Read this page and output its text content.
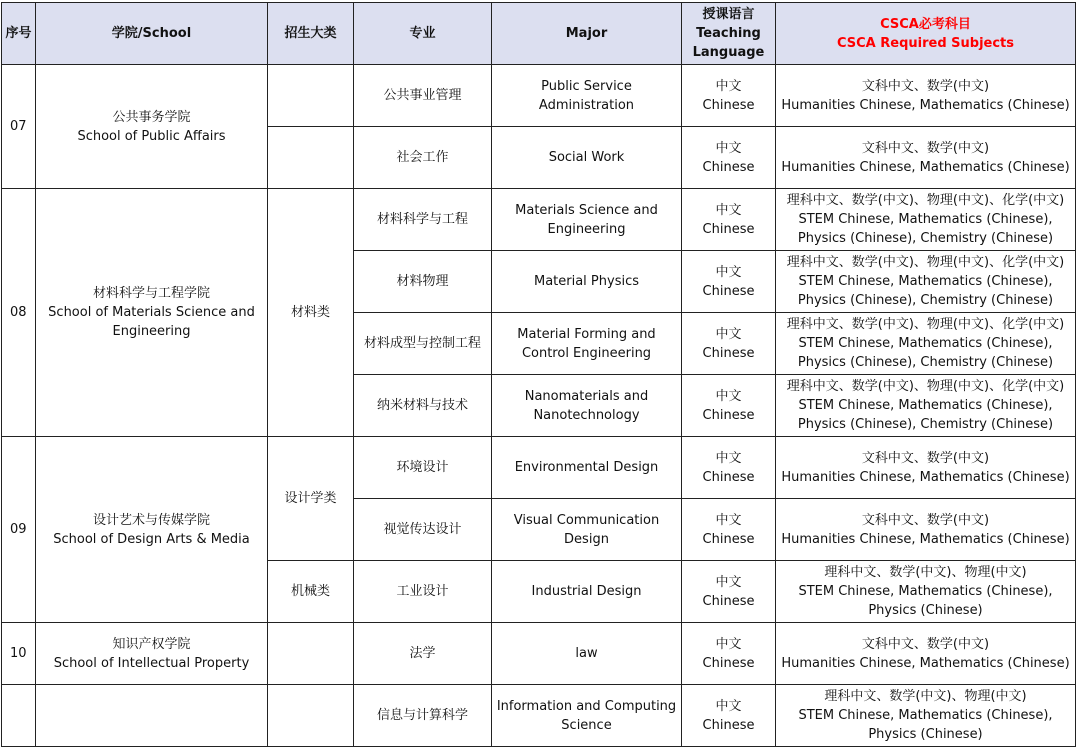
序号	学院/School	招生大类	专业	Major	授课语言
Teaching
Language	CSCA必考科目
CSCA Required Subjects

07	公共事务学院
School of Public Affairs		公共事业管理	Public Service Administration	中文
Chinese	文科中文、数学(中文)
Humanities Chinese, Mathematics (Chinese)

			社会工作	Social Work	中文
Chinese	文科中文、数学(中文)
Humanities Chinese, Mathematics (Chinese)

08	材料科学与工程学院
School of Materials Science and Engineering	材料类	材料科学与工程	Materials Science and Engineering	中文
Chinese	理科中文、数学(中文)、物理(中文)、化学(中文)
STEM Chinese, Mathematics (Chinese), Physics (Chinese), Chemistry (Chinese)

			材料物理	Material Physics	中文
Chinese	理科中文、数学(中文)、物理(中文)、化学(中文)
STEM Chinese, Mathematics (Chinese), Physics (Chinese), Chemistry (Chinese)

			材料成型与控制工程	Material Forming and Control Engineering	中文
Chinese	理科中文、数学(中文)、物理(中文)、化学(中文)
STEM Chinese, Mathematics (Chinese), Physics (Chinese), Chemistry (Chinese)

			纳米材料与技术	Nanomaterials and Nanotechnology	中文
Chinese	理科中文、数学(中文)、物理(中文)、化学(中文)
STEM Chinese, Mathematics (Chinese), Physics (Chinese), Chemistry (Chinese)

09	设计艺术与传媒学院
School of Design Arts & Media	设计学类	环境设计	Environmental Design	中文
Chinese	文科中文、数学(中文)
Humanities Chinese, Mathematics (Chinese)

			视觉传达设计	Visual Communication Design	中文
Chinese	文科中文、数学(中文)
Humanities Chinese, Mathematics (Chinese)

		机械类	工业设计	Industrial Design	中文
Chinese	理科中文、数学(中文)、物理(中文)
STEM Chinese, Mathematics (Chinese), Physics (Chinese)

10	知识产权学院
School of Intellectual Property		法学	law	中文
Chinese	文科中文、数学(中文)
Humanities Chinese, Mathematics (Chinese)

			信息与计算科学	Information and Computing Science	中文
Chinese	理科中文、数学(中文)、物理(中文)
STEM Chinese, Mathematics (Chinese), Physics (Chinese)
